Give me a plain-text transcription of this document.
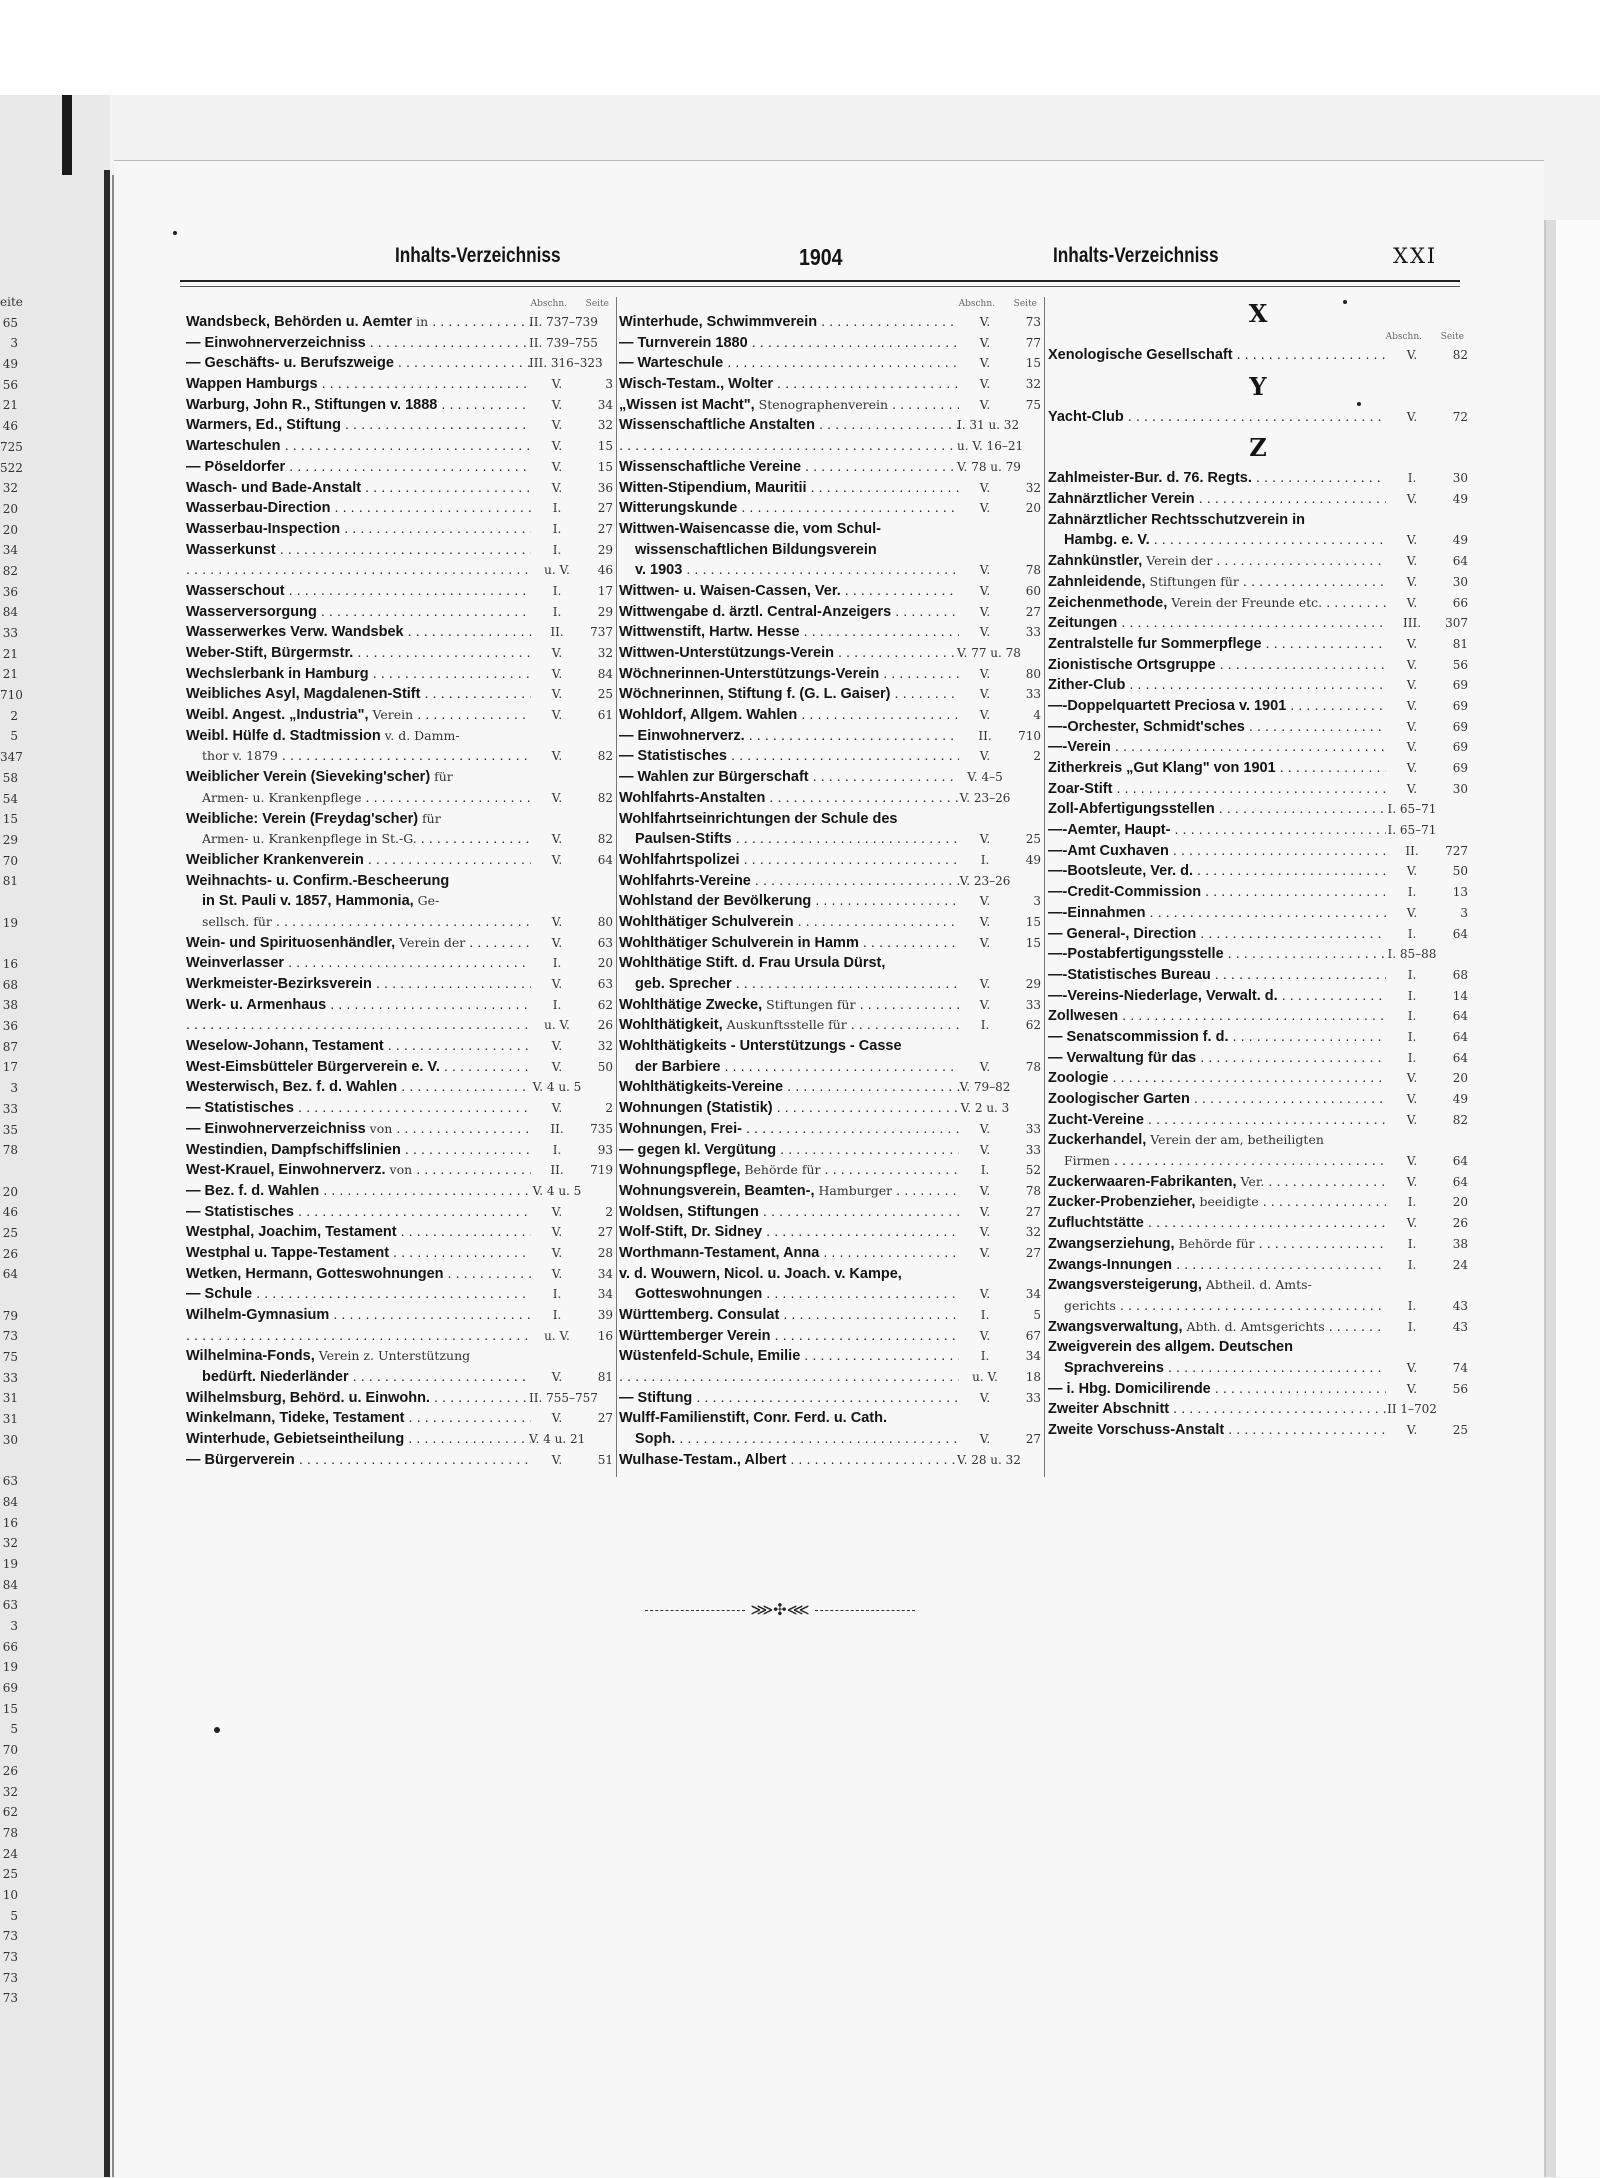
eite
65
3
49
56
21
46
725
522
32
20
20
34
82
36
84
33
21
21
710
2
5
347
58
54
15
29
70
81
19
16
68
38
36
87
17
3
33
35
78
20
46
25
26
64
79
73
75
33
31
31
30
63
84
16
32
19
84
63
3
66
19
69
15
5
70
26
32
62
78
24
25
10
5
73
73
73
73
Inhalts-Verzeichniss	1904	Inhalts-Verzeichniss	XXI
Abschn. Seite
Wandsbeck, Behörden u. Aemter in . . .	II. 737–739
— Einwohnerverzeichniss . . .	II. 739–755
— Geschäfts- u. Berufszweige . . .	III. 316–323
Wappen Hamburgs . . .	V.	3
Warburg, John R., Stiftungen v. 1888 . . .	V.	34
Warmers, Ed., Stiftung . . .	V.	32
Warteschulen . . .	V.	15
— Pöseldorfer . . .	V.	15
Wasch- und Bade-Anstalt . . .	V.	36
Wasserbau-Direction . . .	I.	27
Wasserbau-Inspection . . .	I.	27
Wasserkunst . . .	I.	29
. . .
u. V.	46
Wasserschout . . .	I.	17
Wasserversorgung . . .	I.	29
Wasserwerkes Verw. Wandsbek . . .	II.	737
Weber-Stift, Bürgermstr. . . .	V.	32
Wechslerbank in Hamburg . . .	V.	84
Weibliches Asyl, Magdalenen-Stift . . .	V.	25
Weibl. Angest. „Industria", Verein . . .	V.	61
Weibl. Hülfe d. Stadtmission v. d. Damm-
thor v. 1879 . . .	V.	82
Weiblicher Verein (Sieveking'scher) für
Armen- u. Krankenpflege . . .	V.	82
Weibliche: Verein (Freydag'scher) für
Armen- u. Krankenpflege in St.-G. . . .	V.	82
Weiblicher Krankenverein . . .	V.	64
Weihnachts- u. Confirm.-Bescheerung
in St. Pauli v. 1857, Hammonia, Ge-
sellsch. für . . .	V.	80
Wein- und Spirituosenhändler, Verein der . . .	V.	63
Weinverlasser . . .	I.	20
Werkmeister-Bezirksverein . . .	V.	63
Werk- u. Armenhaus . . .	I.	62
. . .
u. V.	26
Weselow-Johann, Testament . . .	V.	32
West-Eimsbütteler Bürgerverein e. V. . . .	V.	50
Westerwisch, Bez. f. d. Wahlen . . .	V. 4 u. 5
— Statistisches . . .	V.	2
— Einwohnerverzeichniss von . . .	II.	735
Westindien, Dampfschiffslinien . . .	I.	93
West-Krauel, Einwohnerverz. von . . .	II.	719
— Bez. f. d. Wahlen . . .	V. 4 u. 5
— Statistisches . . .	V.	2
Westphal, Joachim, Testament . . .	V.	27
Westphal u. Tappe-Testament . . .	V.	28
Wetken, Hermann, Gotteswohnungen . . .	V.	34
— Schule . . .	I.	34
Wilhelm-Gymnasium . . .	I.	39
. . .
u. V.	16
Wilhelmina-Fonds, Verein z. Unterstützung
bedürft. Niederländer . . .	V.	81
Wilhelmsburg, Behörd. u. Einwohn. . . .	II. 755–757
Winkelmann, Tideke, Testament . . .	V.	27
Winterhude, Gebietseintheilung . . .	V. 4 u. 21
— Bürgerverein . . .	V.	51
Abschn. Seite
Winterhude, Schwimmverein . . .	V.	73
— Turnverein 1880 . . .	V.	77
— Warteschule . . .	V.	15
Wisch-Testam., Wolter . . .	V.	32
„Wissen ist Macht", Stenographenverein . . .	V.	75
Wissenschaftliche Anstalten . . .	I. 31 u. 32
. . .
u. V. 16–21
Wissenschaftliche Vereine . . .	V. 78 u. 79
Witten-Stipendium, Mauritii . . .	V.	32
Witterungskunde . . .	V.	20
Wittwen-Waisencasse die, vom Schul-
wissenschaftlichen Bildungsverein
v. 1903 . . .	V.	78
Wittwen- u. Waisen-Cassen, Ver. . . .	V.	60
Wittwengabe d. ärztl. Central-Anzeigers . . .	V.	27
Wittwenstift, Hartw. Hesse . . .	V.	33
Wittwen-Unterstützungs-Verein . . .	V. 77 u. 78
Wöchnerinnen-Unterstützungs-Verein . . .	V.	80
Wöchnerinnen, Stiftung f. (G. L. Gaiser) . . .	V.	33
Wohldorf, Allgem. Wahlen . . .	V.	4
— Einwohnerverz. . . .	II.	710
— Statistisches . . .	V.	2
— Wahlen zur Bürgerschaft . . .	V. 4–5
Wohlfahrts-Anstalten . . .	V. 23–26
Wohlfahrtseinrichtungen der Schule des
Paulsen-Stifts . . .	V.	25
Wohlfahrtspolizei . . .	I.	49
Wohlfahrts-Vereine . . .	V. 23–26
Wohlstand der Bevölkerung . . .	V.	3
Wohlthätiger Schulverein . . .	V.	15
Wohlthätiger Schulverein in Hamm . . .	V.	15
Wohlthätige Stift. d. Frau Ursula Dürst,
geb. Sprecher . . .	V.	29
Wohlthätige Zwecke, Stiftungen für . . .	V.	33
Wohlthätigkeit, Auskunftsstelle für . . .	I.	62
Wohlthätigkeits - Unterstützungs - Casse
der Barbiere . . .	V.	78
Wohlthätigkeits-Vereine . . .	V. 79–82
Wohnungen (Statistik) . . .	V. 2 u. 3
Wohnungen, Frei- . . .	V.	33
— gegen kl. Vergütung . . .	V.	33
Wohnungspflege, Behörde für . . .	I.	52
Wohnungsverein, Beamten-, Hamburger . . .	V.	78
Woldsen, Stiftungen . . .	V.	27
Wolf-Stift, Dr. Sidney . . .	V.	32
Worthmann-Testament, Anna . . .	V.	27
v. d. Wouwern, Nicol. u. Joach. v. Kampe,
Gotteswohnungen . . .	V.	34
Württemberg. Consulat . . .	I.	5
Württemberger Verein . . .	V.	67
Wüstenfeld-Schule, Emilie . . .	I.	34
. . .
u. V.	18
— Stiftung . . .	V.	33
Wulff-Familienstift, Conr. Ferd. u. Cath.
Soph. . . .	V.	27
Wulhase-Testam., Albert . . .	V. 28 u. 32
X
Abschn. Seite
Xenologische Gesellschaft . . .	V.	82
Y
Yacht-Club . . .	V.	72
Z
Zahlmeister-Bur. d. 76. Regts. . . .	I.	30
Zahnärztlicher Verein . . .	V.	49
Zahnärztlicher Rechtsschutzverein in
Hambg. e. V. . . .	V.	49
Zahnkünstler, Verein der . . .	V.	64
Zahnleidende, Stiftungen für . . .	V.	30
Zeichenmethode, Verein der Freunde etc. . . .	V.	66
Zeitungen . . .	III.	307
Zentralstelle fur Sommerpflege . . .	V.	81
Zionistische Ortsgruppe . . .	V.	56
Zither-Club . . .	V.	69
—-Doppelquartett Preciosa v. 1901 . . .	V.	69
—-Orchester, Schmidt'sches . . .	V.	69
—-Verein . . .	V.	69
Zitherkreis „Gut Klang" von 1901 . . .	V.	69
Zoar-Stift . . .	V.	30
Zoll-Abfertigungsstellen . . .	I. 65–71
—-Aemter, Haupt- . . .	I. 65–71
—-Amt Cuxhaven . . .	II.	727
—-Bootsleute, Ver. d. . . .	V.	50
—-Credit-Commission . . .	I.	13
—-Einnahmen . . .	V.	3
— General-, Direction . . .	I.	64
—-Postabfertigungsstelle . . .	I. 85–88
—-Statistisches Bureau . . .	I.	68
—-Vereins-Niederlage, Verwalt. d. . . .	I.	14
Zollwesen . . .	I.	64
— Senatscommission f. d. . . .	I.	64
— Verwaltung für das . . .	I.	64
Zoologie . . .	V.	20
Zoologischer Garten . . .	V.	49
Zucht-Vereine . . .	V.	82
Zuckerhandel, Verein der am, betheiligten
Firmen . . .	V.	64
Zuckerwaaren-Fabrikanten, Ver. . . .	V.	64
Zucker-Probenzieher, beeidigte . . .	I.	20
Zufluchtstätte . . .	V.	26
Zwangserziehung, Behörde für . . .	I.	38
Zwangs-Innungen . . .	I.	24
Zwangsversteigerung, Abtheil. d. Amts-
gerichts . . .	I.	43
Zwangsverwaltung, Abth. d. Amtsgerichts . . .	I.	43
Zweigverein des allgem. Deutschen
Sprachvereins . . .	V.	74
— i. Hbg. Domicilirende . . .	V.	56
Zweiter Abschnitt . . .	II 1–702
Zweite Vorschuss-Anstalt . . .	V.	25
⋙✣⋘
